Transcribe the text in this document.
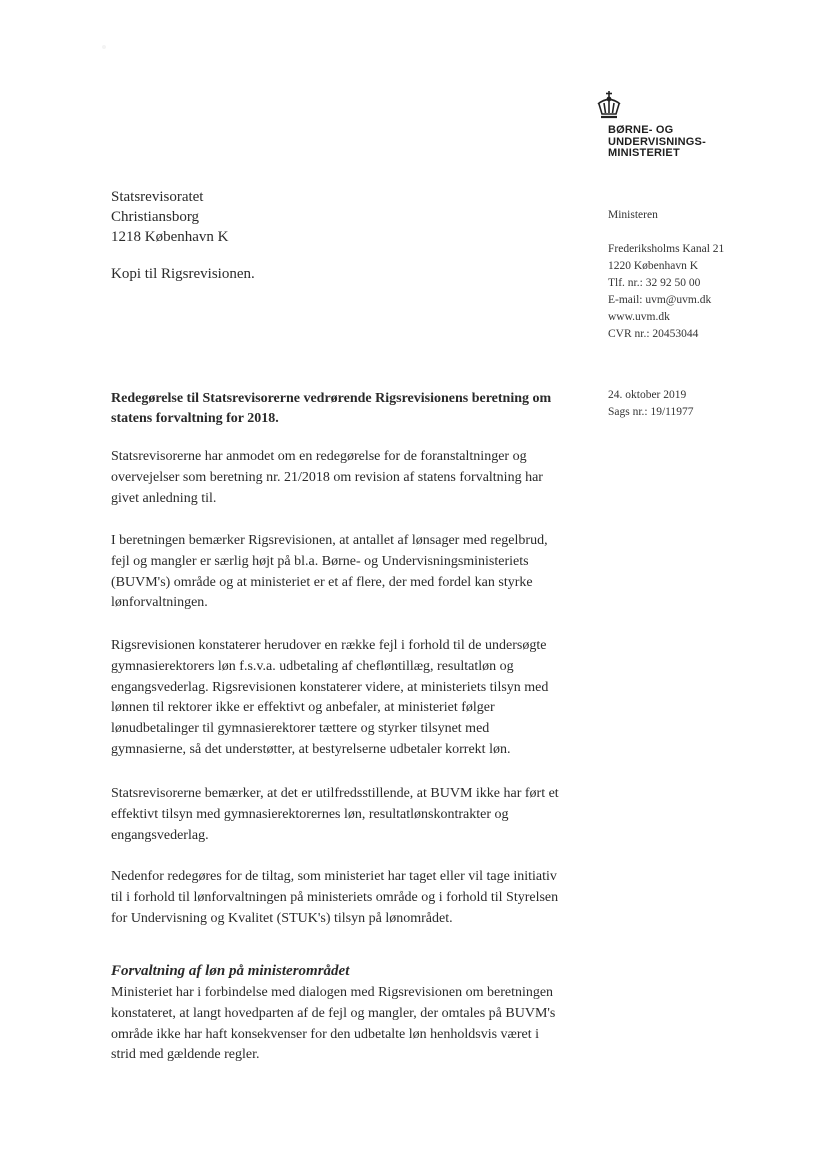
BØRNE- OG
UNDERVISNINGS-
MINISTERIET
Statsrevisoratet
Christiansborg
1218 København K
Kopi til Rigsrevisionen.
Ministeren
Frederiksholms Kanal 21
1220 København K
Tlf. nr.: 32 92 50 00
E-mail: uvm@uvm.dk
www.uvm.dk
CVR nr.: 20453044
24. oktober 2019
Sags nr.: 19/11977
Redegørelse til Statsrevisorerne vedrørende Rigsrevisionens beretning om statens forvaltning for 2018.
Statsrevisorerne har anmodet om en redegørelse for de foranstaltninger og overvejelser som beretning nr. 21/2018 om revision af statens forvaltning har givet anledning til.
I beretningen bemærker Rigsrevisionen, at antallet af lønsager med regelbrud, fejl og mangler er særlig højt på bl.a. Børne- og Undervisningsministeriets (BUVM's) område og at ministeriet er et af flere, der med fordel kan styrke lønforvaltningen.
Rigsrevisionen konstaterer herudover en række fejl i forhold til de undersøgte gymnasierektorers løn f.s.v.a. udbetaling af chefløntillæg, resultatløn og engangsvederlag. Rigsrevisionen konstaterer videre, at ministeriets tilsyn med lønnen til rektorer ikke er effektivt og anbefaler, at ministeriet følger lønudbetalinger til gymnasierektorer tættere og styrker tilsynet med gymnasierne, så det understøtter, at bestyrelserne udbetaler korrekt løn.
Statsrevisorerne bemærker, at det er utilfredsstillende, at BUVM ikke har ført et effektivt tilsyn med gymnasierektorernes løn, resultatlønskontrakter og engangsvederlag.
Nedenfor redegøres for de tiltag, som ministeriet har taget eller vil tage initiativ til i forhold til lønforvaltningen på ministeriets område og i forhold til Styrelsen for Undervisning og Kvalitet (STUK's) tilsyn på lønområdet.
Forvaltning af løn på ministerområdet
Ministeriet har i forbindelse med dialogen med Rigsrevisionen om beretningen konstateret, at langt hovedparten af de fejl og mangler, der omtales på BUVM's område ikke har haft konsekvenser for den udbetalte løn henholdsvis været i strid med gældende regler.
